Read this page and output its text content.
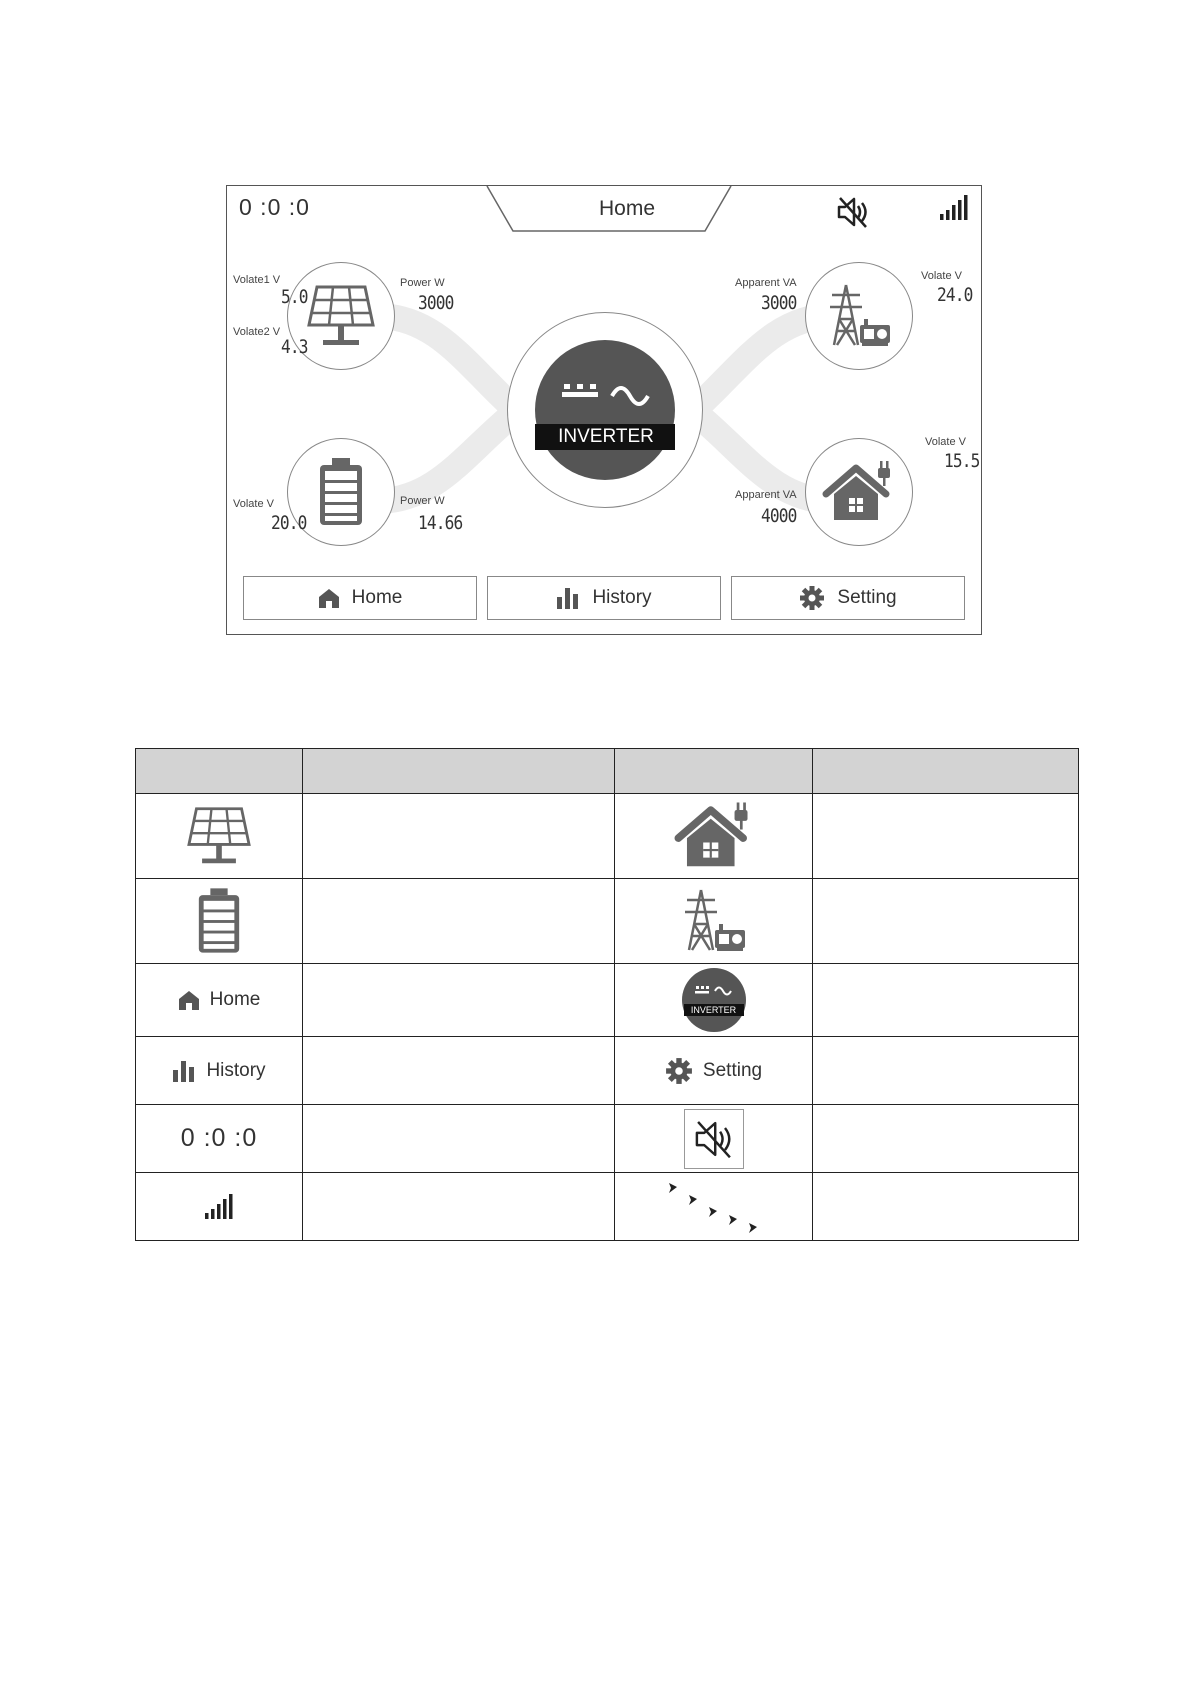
0 :0 :0	Home
Volate1 V
5.0
Volate2 V
4.3
Power W
3000
Volate V
20.0
Power W
14.66
INVERTER
Apparent VA
3000
Volate V
24.0
Apparent VA
4000
Volate V
15.5
Home	History	Setting

Home		INVERTER	

History		Setting	

0 :0 :0
